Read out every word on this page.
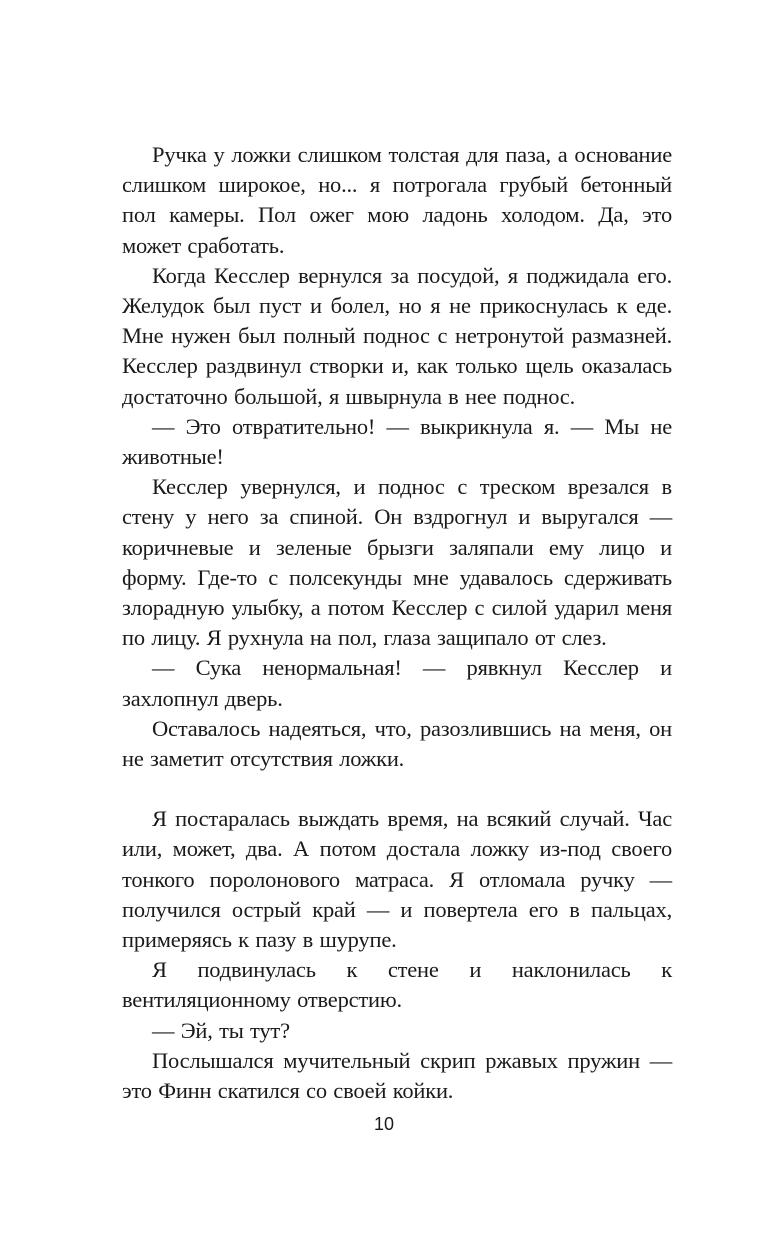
Ручка у ложки слишком толстая для паза, а основание слишком широкое, но... я потрогала грубый бетонный пол камеры. Пол ожег мою ладонь холодом. Да, это может сработать.

Когда Кесслер вернулся за посудой, я поджидала его. Желудок был пуст и болел, но я не прикоснулась к еде. Мне нужен был полный поднос с нетронутой размазней. Кесслер раздвинул створки и, как только щель оказалась достаточно большой, я швырнула в нее поднос.

— Это отвратительно! — выкрикнула я. — Мы не животные!

Кесслер увернулся, и поднос с треском врезался в стену у него за спиной. Он вздрогнул и выругался — коричневые и зеленые брызги заляпали ему лицо и форму. Где-то с полсекунды мне удавалось сдерживать злорадную улыбку, а потом Кесслер с силой ударил меня по лицу. Я рухнула на пол, глаза защипало от слез.

— Сука ненормальная! — рявкнул Кесслер и захлопнул дверь.

Оставалось надеяться, что, разозлившись на меня, он не заметит отсутствия ложки.

Я постаралась выждать время, на всякий случай. Час или, может, два. А потом достала ложку из-под своего тонкого поролонового матраса. Я отломала ручку — получился острый край — и повертела его в пальцах, примеряясь к пазу в шурупе.

Я подвинулась к стене и наклонилась к вентиляционному отверстию.

— Эй, ты тут?

Послышался мучительный скрип ржавых пружин — это Финн скатился со своей койки.

10
